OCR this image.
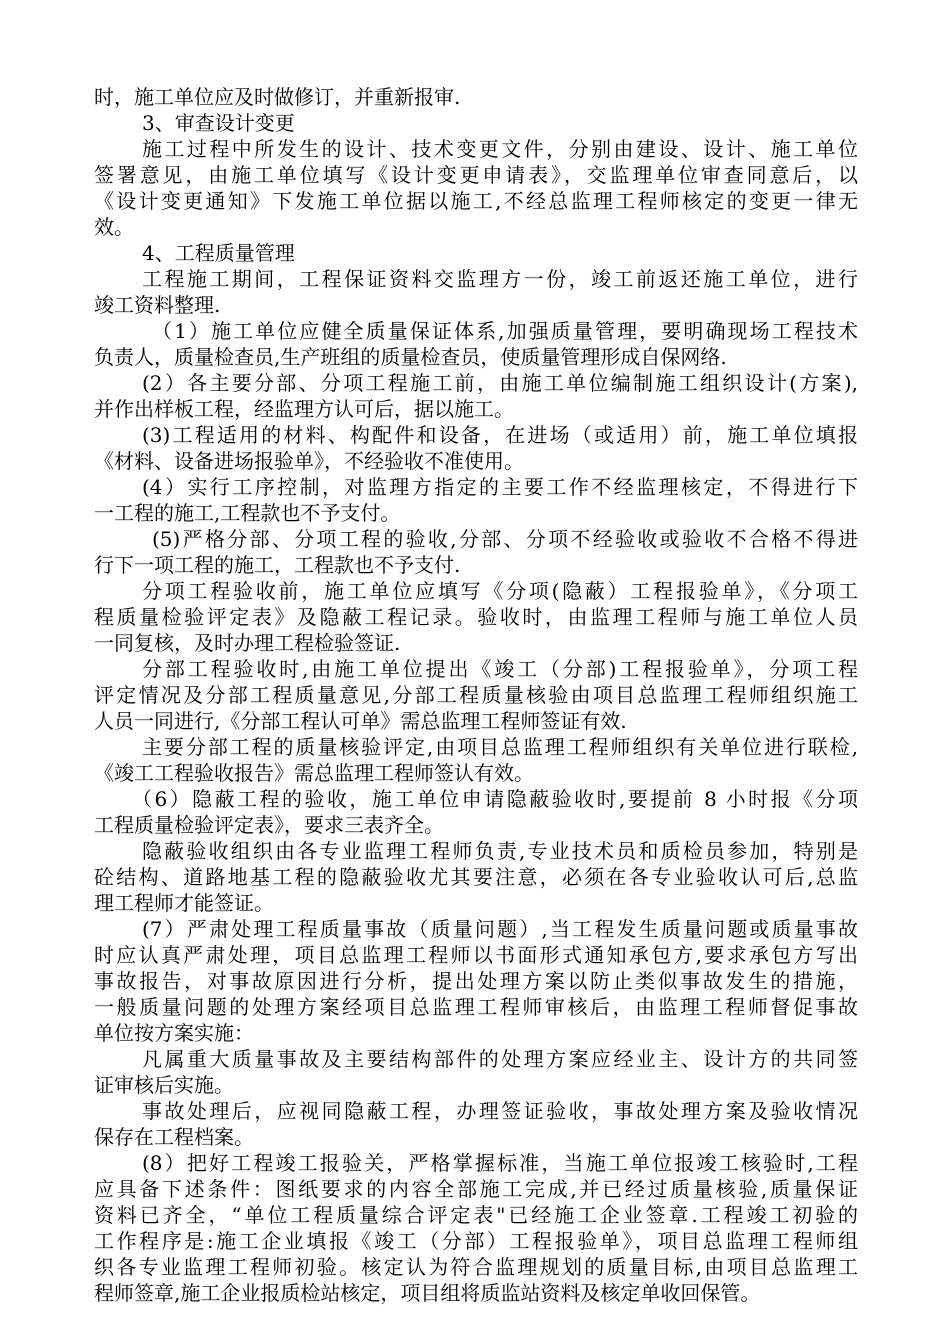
时，施工单位应及时做修订，并重新报审.
3、审查设计变更
施工过程中所发生的设计、技术变更文件，分别由建设、设计、施工单位
签署意见，由施工单位填写《设计变更申请表》，交监理单位审查同意后，以
《设计变更通知》下发施工单位据以施工,不经总监理工程师核定的变更一律无
效。
4、工程质量管理
工程施工期间，工程保证资料交监理方一份，竣工前返还施工单位，进行
竣工资料整理.
（1）施工单位应健全质量保证体系,加强质量管理，要明确现场工程技术
负责人，质量检查员,生产班组的质量检查员，使质量管理形成自保网络.
(2）各主要分部、分项工程施工前，由施工单位编制施工组织设计(方案),
并作出样板工程，经监理方认可后，据以施工。
(3)工程适用的材料、构配件和设备，在进场（或适用）前，施工单位填报
《材料、设备进场报验单》，不经验收不准使用。
(4）实行工序控制，对监理方指定的主要工作不经监理核定，不得进行下
一工程的施工,工程款也不予支付。
(5)严格分部、分项工程的验收,分部、分项不经验收或验收不合格不得进
行下一项工程的施工，工程款也不予支付.
分项工程验收前，施工单位应填写《分项(隐蔽）工程报验单》，《分项工
程质量检验评定表》及隐蔽工程记录。验收时，由监理工程师与施工单位人员
一同复核，及时办理工程检验签证.
分部工程验收时,由施工单位提出《竣工（分部)工程报验单》，分项工程
评定情况及分部工程质量意见,分部工程质量核验由项目总监理工程师组织施工
人员一同进行,《分部工程认可单》需总监理工程师签证有效.
主要分部工程的质量核验评定,由项目总监理工程师组织有关单位进行联检,
《竣工工程验收报告》需总监理工程师签认有效。
（6）隐蔽工程的验收，施工单位申请隐蔽验收时,要提前 8 小时报《分项
工程质量检验评定表》，要求三表齐全。
隐蔽验收组织由各专业监理工程师负责,专业技术员和质检员参加，特别是
砼结构、道路地基工程的隐蔽验收尤其要注意，必须在各专业验收认可后,总监
理工程师才能签证。
(7）严肃处理工程质量事故（质量问题）,当工程发生质量问题或质量事故
时应认真严肃处理，项目总监理工程师以书面形式通知承包方,要求承包方写出
事故报告，对事故原因进行分析，提出处理方案以防止类似事故发生的措施，
一般质量问题的处理方案经项目总监理工程师审核后，由监理工程师督促事故
单位按方案实施：
凡属重大质量事故及主要结构部件的处理方案应经业主、设计方的共同签
证审核后实施。
事故处理后，应视同隐蔽工程，办理签证验收，事故处理方案及验收情况
保存在工程档案。
(8）把好工程竣工报验关，严格掌握标准，当施工单位报竣工核验时,工程
应具备下述条件：图纸要求的内容全部施工完成,并已经过质量核验,质量保证
资料已齐全，“单位工程质量综合评定表"已经施工企业签章.工程竣工初验的
工作程序是:施工企业填报《竣工（分部）工程报验单》，项目总监理工程师组
织各专业监理工程师初验。核定认为符合监理规划的质量目标,由项目总监理工
程师签章,施工企业报质检站核定，项目组将质监站资料及核定单收回保管。
